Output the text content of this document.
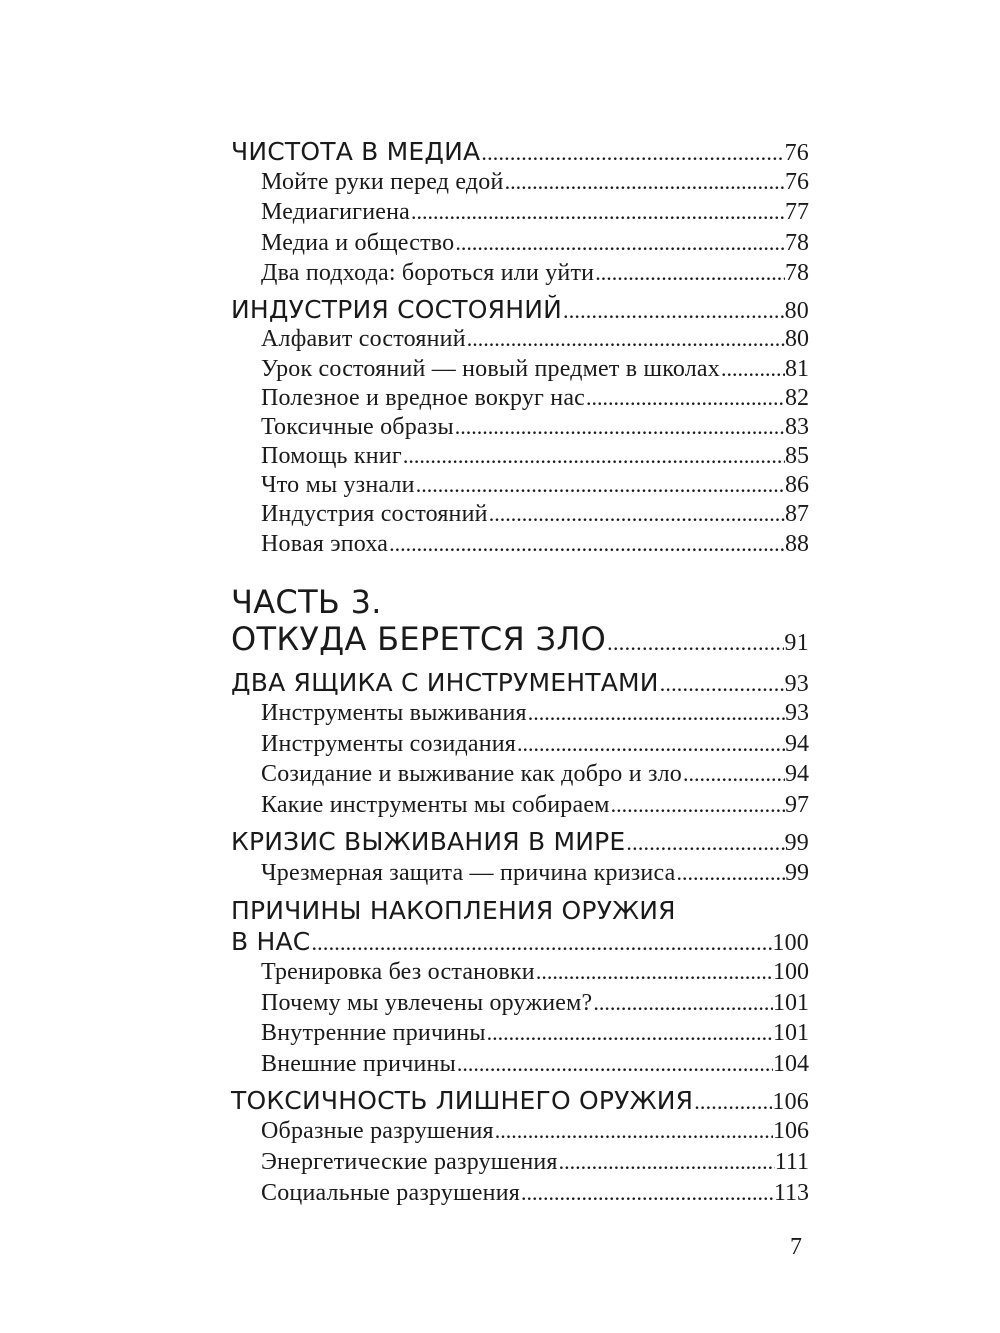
ЧИСТОТА В МЕДИА .....	76
Мойте руки перед едой .....	76
Медиагигиена .....	77
Медиа и общество .....	78
Два подхода: бороться или уйти .....	78
ИНДУСТРИЯ СОСТОЯНИЙ .....	80
Алфавит состояний .....	80
Урок состояний — новый предмет в школах .....	81
Полезное и вредное вокруг нас .....	82
Токсичные образы .....	83
Помощь книг .....	85
Что мы узнали .....	86
Индустрия состояний .....	87
Новая эпоха .....	88
ЧАСТЬ 3.
ОТКУДА БЕРЕТСЯ ЗЛО .....	91
ДВА ЯЩИКА С ИНСТРУМЕНТАМИ .....	93
Инструменты выживания .....	93
Инструменты созидания .....	94
Созидание и выживание как добро и зло .....	94
Какие инструменты мы собираем .....	97
КРИЗИС ВЫЖИВАНИЯ В МИРЕ .....	99
Чрезмерная защита — причина кризиса .....	99
ПРИЧИНЫ НАКОПЛЕНИЯ ОРУЖИЯ
В НАС .....	100
Тренировка без остановки .....	100
Почему мы увлечены оружием? .....	101
Внутренние причины .....	101
Внешние причины .....	104
ТОКСИЧНОСТЬ ЛИШНЕГО ОРУЖИЯ .....	106
Образные разрушения .....	106
Энергетические разрушения .....	111
Социальные разрушения .....	113
7
